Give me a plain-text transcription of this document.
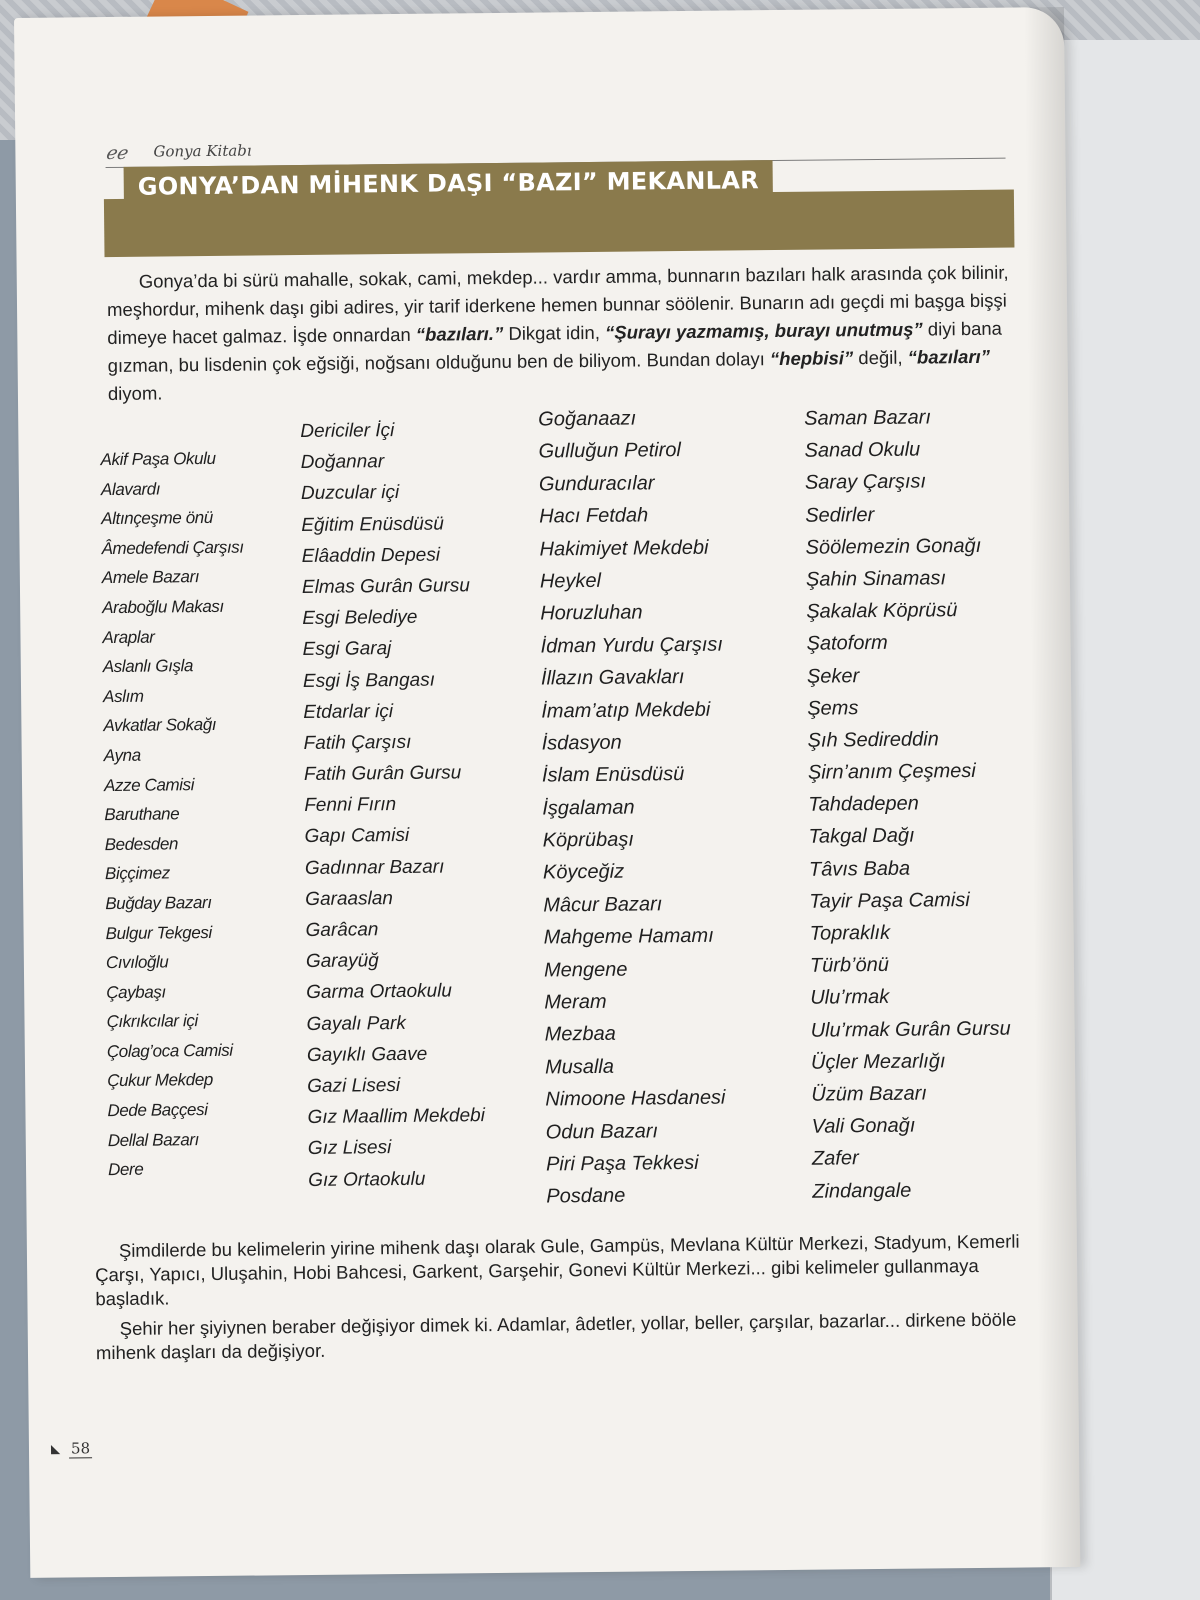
ℯℯ Gonya Kitabı
GONYA’DAN MİHENK DAŞI “BAZI” MEKANLAR

Gonya’da bi sürü mahalle, sokak, cami, mekdep... vardır amma, bunnarın bazıları halk arasında çok bilinir, meşhordur, mihenk daşı gibi adires, yir tarif iderkene hemen bunnar söölenir. Bunarın adı geçdi mi başga bişşi dimeye hacet galmaz. İşde onnardan “bazıları.” Dikgat idin, “Şurayı yazmamış, burayı unutmuş” diyi bana gızman, bu lisdenin çok eğsiği, noğsanı olduğunu ben de biliyom. Bundan dolayı “hepbisi” değil, “bazıları” diyom.

Akif Paşa Okulu
Alavardı
Altınçeşme önü
Âmedefendi Çarşısı
Amele Bazarı
Araboğlu Makası
Araplar
Aslanlı Gışla
Aslım
Avkatlar Sokağı
Ayna
Azze Camisi
Baruthane
Bedesden
Biççimez
Buğday Bazarı
Bulgur Tekgesi
Cıvıloğlu
Çaybaşı
Çıkrıkcılar içi
Çolag’oca Camisi
Çukur Mekdep
Dede Baççesi
Dellal Bazarı
Dere
Dericiler İçi
Doğannar
Duzcular içi
Eğitim Enüsdüsü
Elâaddin Depesi
Elmas Gurân Gursu
Esgi Belediye
Esgi Garaj
Esgi İş Bangası
Etdarlar içi
Fatih Çarşısı
Fatih Gurân Gursu
Fenni Fırın
Gapı Camisi
Gadınnar Bazarı
Garaaslan
Garâcan
Garayüğ
Garma Ortaokulu
Gayalı Park
Gayıklı Gaave
Gazi Lisesi
Gız Maallim Mekdebi
Gız Lisesi
Gız Ortaokulu
Goğanaazı
Gulluğun Petirol
Gunduracılar
Hacı Fetdah
Hakimiyet Mekdebi
Heykel
Horuzluhan
İdman Yurdu Çarşısı
İllazın Gavakları
İmam’atıp Mekdebi
İsdasyon
İslam Enüsdüsü
İşgalaman
Köprübaşı
Köyceğiz
Mâcur Bazarı
Mahgeme Hamamı
Mengene
Meram
Mezbaa
Musalla
Nimoone Hasdanesi
Odun Bazarı
Piri Paşa Tekkesi
Posdane
Saman Bazarı
Sanad Okulu
Saray Çarşısı
Sedirler
Söölemezin Gonağı
Şahin Sinaması
Şakalak Köprüsü
Şatoform
Şeker
Şems
Şıh Sedireddin
Şirn’anım Çeşmesi
Tahdadepen
Takgal Dağı
Tâvıs Baba
Tayir Paşa Camisi
Topraklık
Türb’önü
Ulu’rmak
Ulu’rmak Gurân Gursu
Üçler Mezarlığı
Üzüm Bazarı
Vali Gonağı
Zafer
Zindangale

Şimdilerde bu kelimelerin yirine mihenk daşı olarak Gule, Gampüs, Mevlana Kültür Merkezi, Stadyum, Kemerli Çarşı, Yapıcı, Uluşahin, Hobi Bahcesi, Garkent, Garşehir, Gonevi Kültür Merkezi... gibi kelimeler gullanmaya başladık.

Şehir her şiyiynen beraber değişiyor dimek ki. Adamlar, âdetler, yollar, beller, çarşılar, bazarlar... dirkene bööle mihenk daşları da değişiyor.

◣ 58
